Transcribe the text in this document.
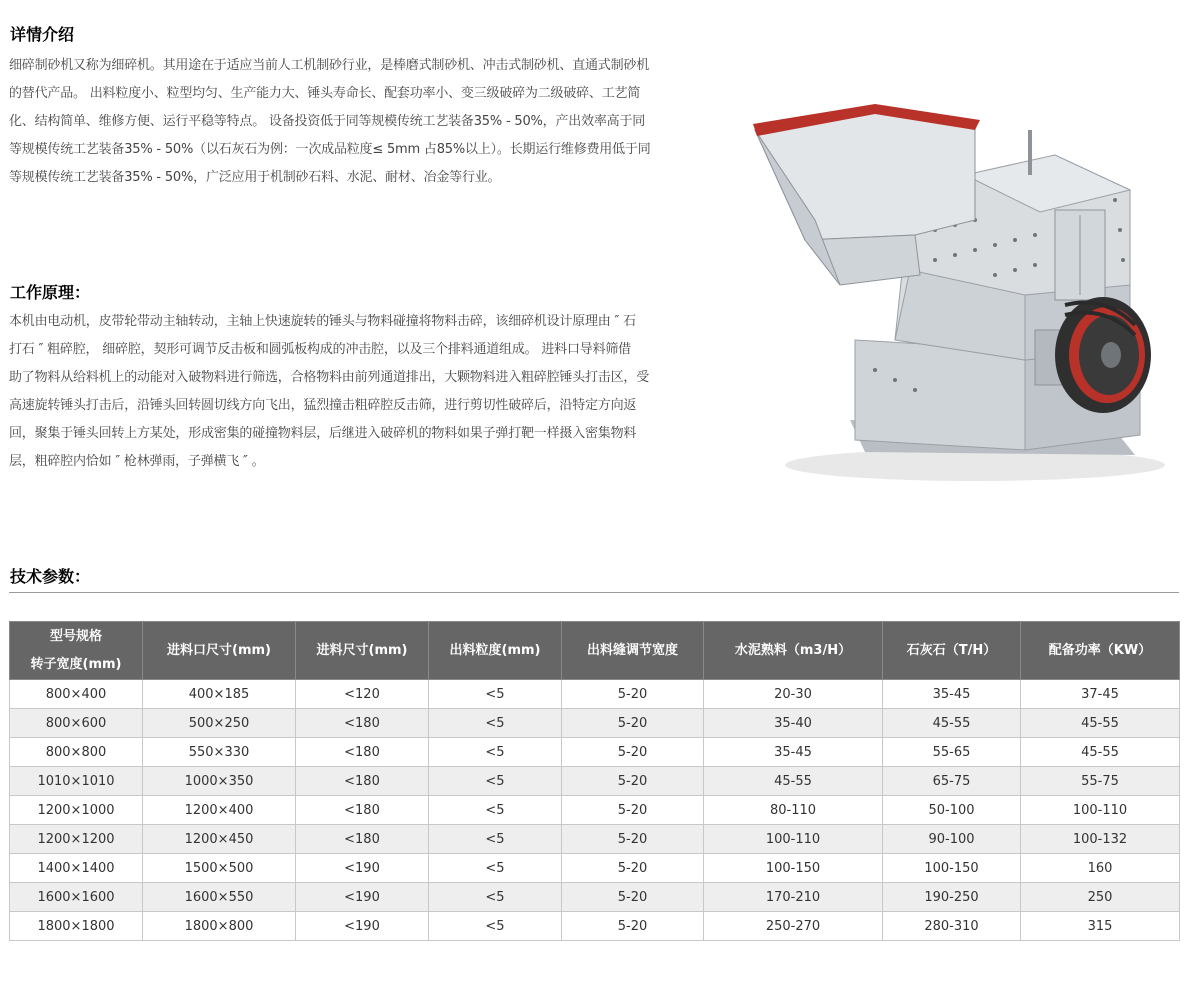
详情介绍
细碎制砂机又称为细碎机。其用途在于适应当前人工机制砂行业，是棒磨式制砂机、冲击式制砂机、直通式制砂机
的替代产品。 出料粒度小、粒型均匀、生产能力大、锤头寿命长、配套功率小、变三级破碎为二级破碎、工艺简
化、结构简单、维修方便、运行平稳等特点。 设备投资低于同等规模传统工艺装备35% - 50%，产出效率高于同
等规模传统工艺装备35% - 50%（以石灰石为例：一次成品粒度≤ 5mm 占85%以上）。长期运行维修费用低于同
等规模传统工艺装备35% - 50%，广泛应用于机制砂石料、水泥、耐材、冶金等行业。
工作原理：
本机由电动机，皮带轮带动主轴转动，主轴上快速旋转的锤头与物料碰撞将物料击碎，该细碎机设计原理由 ″ 石
打石 ″ 粗碎腔， 细碎腔，契形可调节反击板和圆弧板构成的冲击腔，以及三个排料通道组成。 进料口导料筛借
助了物料从给料机上的动能对入破物料进行筛选，合格物料由前列通道排出，大颗物料进入粗碎腔锤头打击区，受
高速旋转锤头打击后，沿锤头回转圆切线方向飞出，猛烈撞击粗碎腔反击筛，进行剪切性破碎后，沿特定方向返
回，聚集于锤头回转上方某处，形成密集的碰撞物料层，后继进入破碎机的物料如果子弹打靶一样摄入密集物料
层，粗碎腔内恰如 ″ 枪林弹雨，子弹横飞 ″ 。
技术参数：
型号规格
转子宽度(mm)	进料口尺寸(mm)	进料尺寸(mm)	出料粒度(mm)	出料缝调节宽度	水泥熟料（m3/H）	石灰石（T/H）	配备功率（KW）
800×400	400×185	<120	<5	5-20	20-30	35-45	37-45
800×600	500×250	<180	<5	5-20	35-40	45-55	45-55
800×800	550×330	<180	<5	5-20	35-45	55-65	45-55
1010×1010	1000×350	<180	<5	5-20	45-55	65-75	55-75
1200×1000	1200×400	<180	<5	5-20	80-110	50-100	100-110
1200×1200	1200×450	<180	<5	5-20	100-110	90-100	100-132
1400×1400	1500×500	<190	<5	5-20	100-150	100-150	160
1600×1600	1600×550	<190	<5	5-20	170-210	190-250	250
1800×1800	1800×800	<190	<5	5-20	250-270	280-310	315
